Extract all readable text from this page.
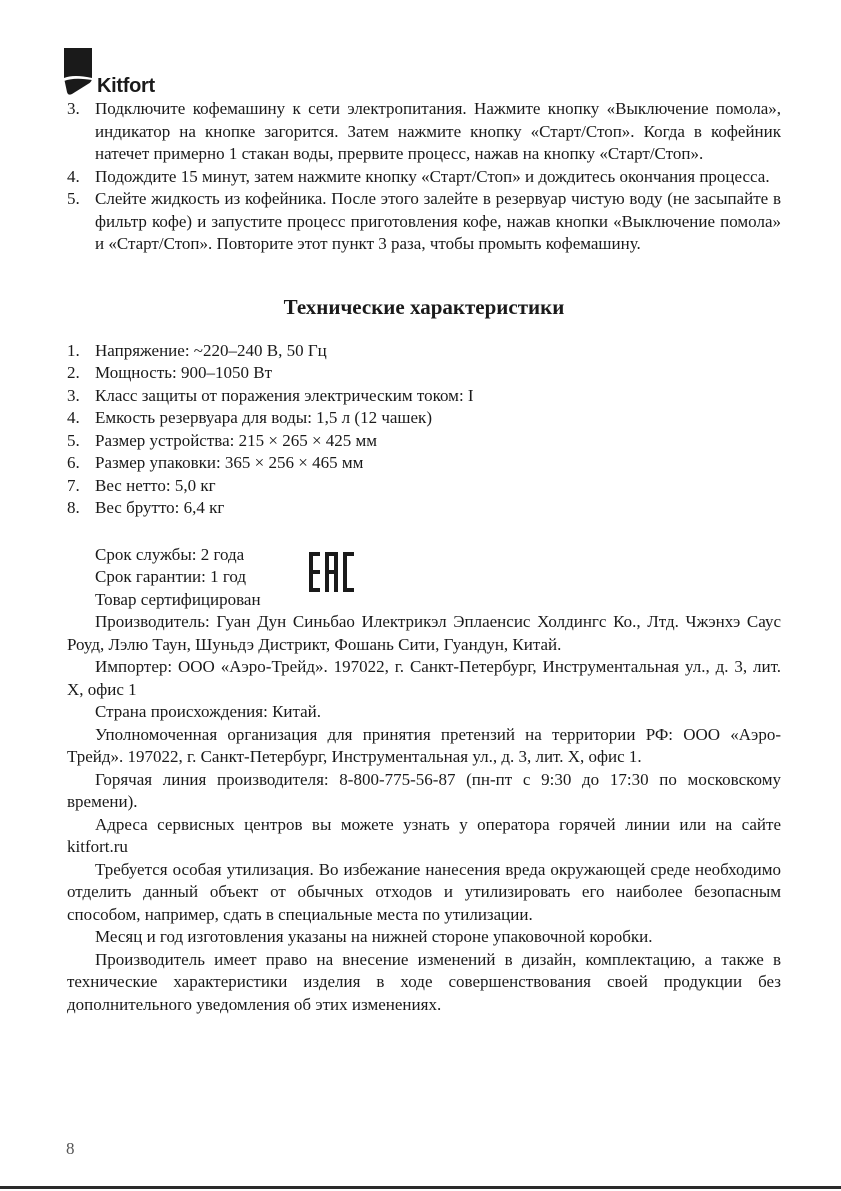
Kitfort
3. Подключите кофемашину к сети электропитания. Нажмите кнопку «Выключение помола», индикатор на кнопке загорится. Затем нажмите кнопку «Старт/Стоп». Когда в кофейник натечет примерно 1 стакан воды, прервите процесс, нажав на кнопку «Старт/Стоп».
4. Подождите 15 минут, затем нажмите кнопку «Старт/Стоп» и дождитесь окончания процесса.
5. Слейте жидкость из кофейника. После этого залейте в резервуар чистую воду (не засыпайте в фильтр кофе) и запустите процесс приготовления кофе, нажав кнопки «Выключение помола» и «Старт/Стоп». Повторите этот пункт 3 раза, чтобы промыть кофемашину.
Технические характеристики
1. Напряжение: ~220–240 В, 50 Гц
2. Мощность: 900–1050 Вт
3. Класс защиты от поражения электрическим током: I
4. Емкость резервуара для воды: 1,5 л (12 чашек)
5. Размер устройства: 215 × 265 × 425 мм
6. Размер упаковки: 365 × 256 × 465 мм
7. Вес нетто: 5,0 кг
8. Вес брутто: 6,4 кг

Срок службы: 2 года

Срок гарантии: 1 год

Товар сертифицирован

Производитель: Гуан Дун Синьбао Илектрикэл Эплаенсис Холдингс Ко., Лтд. Чжэнхэ Саус Роуд, Лэлю Таун, Шуньдэ Дистрикт, Фошань Сити, Гуандун, Китай.

Импортер: ООО «Аэро-Трейд». 197022, г. Санкт-Петербург, Инструментальная ул., д. 3, лит. Х, офис 1

Страна происхождения: Китай.

Уполномоченная организация для принятия претензий на территории РФ: ООО «Аэро-Трейд». 197022, г. Санкт-Петербург, Инструментальная ул., д. 3, лит. Х, офис 1.

Горячая линия производителя: 8-800-775-56-87 (пн-пт с 9:30 до 17:30 по московскому времени).

Адреса сервисных центров вы можете узнать у оператора горячей линии или на сайте kitfort.ru

Требуется особая утилизация. Во избежание нанесения вреда окружающей среде необходимо отделить данный объект от обычных отходов и утилизировать его наиболее безопасным способом, например, сдать в специальные места по утилизации.

Месяц и год изготовления указаны на нижней стороне упаковочной коробки.

Производитель имеет право на внесение изменений в дизайн, комплектацию, а также в технические характеристики изделия в ходе совершенствования своей продукции без дополнительного уведомления об этих изменениях.

8
